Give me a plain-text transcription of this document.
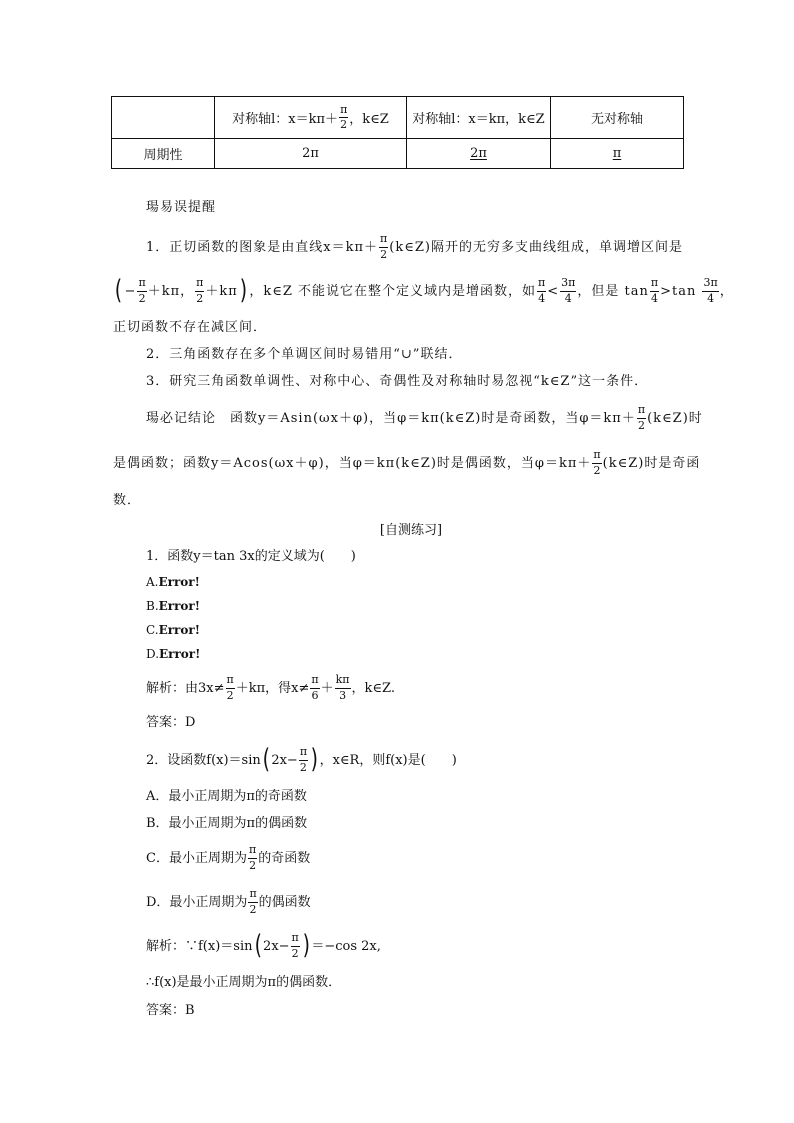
	对称轴l：$x=k\pi+ \frac{\pi}{2}$ ，k∈Z	对称轴l：x＝kπ，k∈Z	无对称轴

周期性	2π	2π	π
瑒易误提醒
1．正切函数的图象是由直线$x=k\pi+ \frac{\pi}{2}$ (k∈Z)隔开的无穷多支曲线组成，单调增区间是
( − $\frac{\pi}{2} +k\pi$， $\frac{\pi}{2} +k\pi$ ) ，k∈Z 不能说它在整个定义域内是增函数，如 $\frac{\pi}{4} < \frac{3\pi}{4}$ ，但是 $\tan \frac{\pi}{4} >\tan \frac{3\pi}{4}$ ，
正切函数不存在减区间．
2．三角函数存在多个单调区间时易错用“∪”联结．
3．研究三角函数单调性、对称中心、奇偶性及对称轴时易忽视“k∈Z”这一条件．
瑒必记结论 　函数y＝Asin(ωx＋φ)，当φ＝kπ(k∈Z)时是奇函数，当$\varphi=k\pi+ \frac{\pi}{2}$ (k∈Z)时
是偶函数；函数y＝Acos(ωx＋φ)，当φ＝kπ(k∈Z)时是偶函数，当$\varphi=k\pi+ \frac{\pi}{2}$ (k∈Z)时是奇函
数．
[自测练习]
1．函数y＝tan 3x的定义域为(　　)
A. Error!
B. Error!
C. Error!
D. Error!
解析：由$3x\ne \frac{\pi}{2} +k\pi$，得$x\ne \frac{\pi}{6} + \frac{k\pi}{3}$ ，k∈Z.
答案：D
2．设函数f(x)＝sin ( $2x- \frac{\pi}{2}$ ) ，x∈R，则f(x)是(　　)
A．最小正周期为π的奇函数
B．最小正周期为π的偶函数
C．最小正周期为 $\frac{\pi}{2}$ 的奇函数
D．最小正周期为 $\frac{\pi}{2}$ 的偶函数
解析：∵f(x)＝sin ( $2x- \frac{\pi}{2}$ ) ＝−cos 2x,
∴f(x)是最小正周期为π的偶函数．
答案：B
